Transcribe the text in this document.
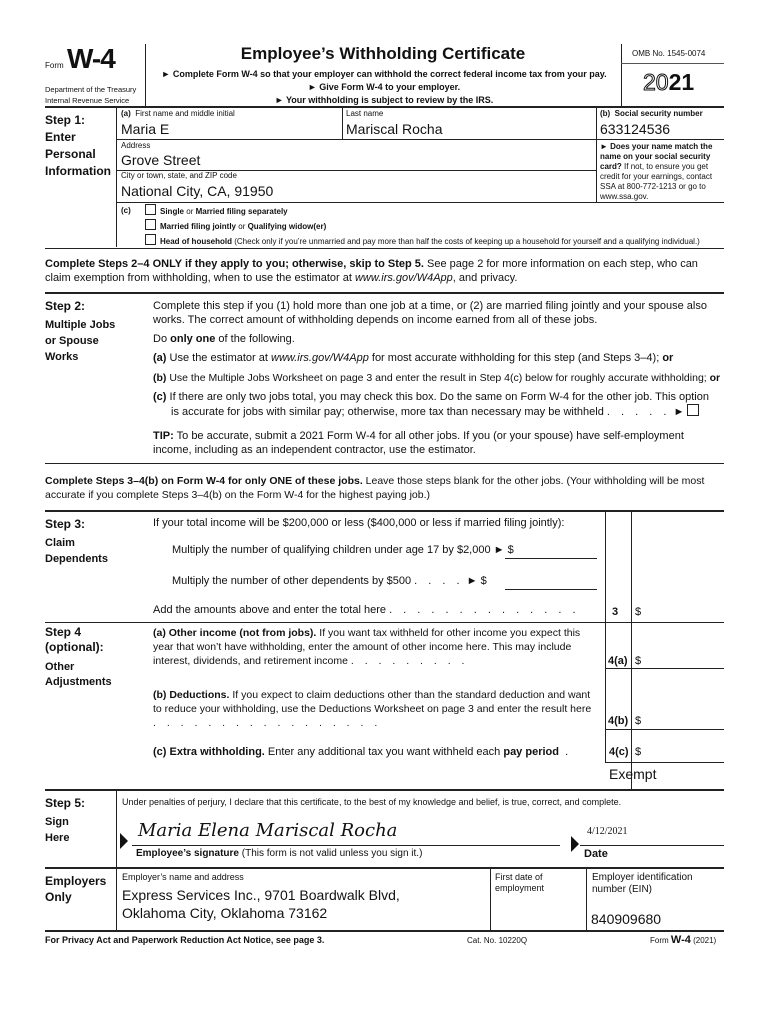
Form W-4
Department of the Treasury
Internal Revenue Service
Employee’s Withholding Certificate
► Complete Form W-4 so that your employer can withhold the correct federal income tax from your pay.
► Give Form W-4 to your employer.
► Your withholding is subject to review by the IRS.
OMB No. 1545-0074
2021
Step 1:
Enter
Personal
Information
(a) First name and middle initial
Maria E
Last name
Mariscal Rocha
(b) Social security number
633124536
Address
Grove Street
City or town, state, and ZIP code
National City, CA, 91950
► Does your name match the name on your social security card? If not, to ensure you get credit for your earnings, contact SSA at 800-772-1213 or go to www.ssa.gov.
(c)	Single or Married filing separately
Married filing jointly or Qualifying widow(er)
Head of household (Check only if you’re unmarried and pay more than half the costs of keeping up a household for yourself and a qualifying individual.)
Complete Steps 2–4 ONLY if they apply to you; otherwise, skip to Step 5. See page 2 for more information on each step, who can claim exemption from withholding, when to use the estimator at www.irs.gov/W4App, and privacy.
Step 2:
Multiple Jobs
or Spouse
Works
Complete this step if you (1) hold more than one job at a time, or (2) are married filing jointly and your spouse also works. The correct amount of withholding depends on income earned from all of these jobs.
Do only one of the following.
(a) Use the estimator at www.irs.gov/W4App for most accurate withholding for this step (and Steps 3–4); or
(b) Use the Multiple Jobs Worksheet on page 3 and enter the result in Step 4(c) below for roughly accurate withholding; or
(c) If there are only two jobs total, you may check this box. Do the same on Form W-4 for the other job. This option
is accurate for jobs with similar pay; otherwise, more tax than necessary may be withheld . . . . . ►
TIP: To be accurate, submit a 2021 Form W-4 for all other jobs. If you (or your spouse) have self-employment income, including as an independent contractor, use the estimator.
Complete Steps 3–4(b) on Form W-4 for only ONE of these jobs. Leave those steps blank for the other jobs. (Your withholding will be most accurate if you complete Steps 3–4(b) on the Form W-4 for the highest paying job.)
Step 3:
Claim
Dependents
If your total income will be $200,000 or less ($400,000 or less if married filing jointly):
Multiply the number of qualifying children under age 17 by $2,000 ► $
Multiply the number of other dependents by $500 . . . . ► $
Add the amounts above and enter the total here . . . . . . . . . . . . . .	3 $
Step 4
(optional):
Other
Adjustments
(a) Other income (not from jobs). If you want tax withheld for other income you expect this year that won’t have withholding, enter the amount of other income here. This may include interest, dividends, and retirement income . . . . . . . . .	4(a) $
(b) Deductions. If you expect to claim deductions other than the standard deduction and want to reduce your withholding, use the Deductions Worksheet on page 3 and enter the result here . . . . . . . . . . . . . . . . .	4(b) $
(c) Extra withholding. Enter any additional tax you want withheld each pay period  .	4(c) $
Exempt
Step 5:
Sign
Here
Under penalties of perjury, I declare that this certificate, to the best of my knowledge and belief, is true, correct, and complete.
Maria Elena Mariscal Rocha
Employee’s signature (This form is not valid unless you sign it.)
4/12/2021
Date
Employers
Only
Employer’s name and address
Express Services Inc., 9701 Boardwalk Blvd,
Oklahoma City, Oklahoma 73162
First date of employment
Employer identification number (EIN)
840909680
For Privacy Act and Paperwork Reduction Act Notice, see page 3.	Cat. No. 10220Q	Form W-4 (2021)
